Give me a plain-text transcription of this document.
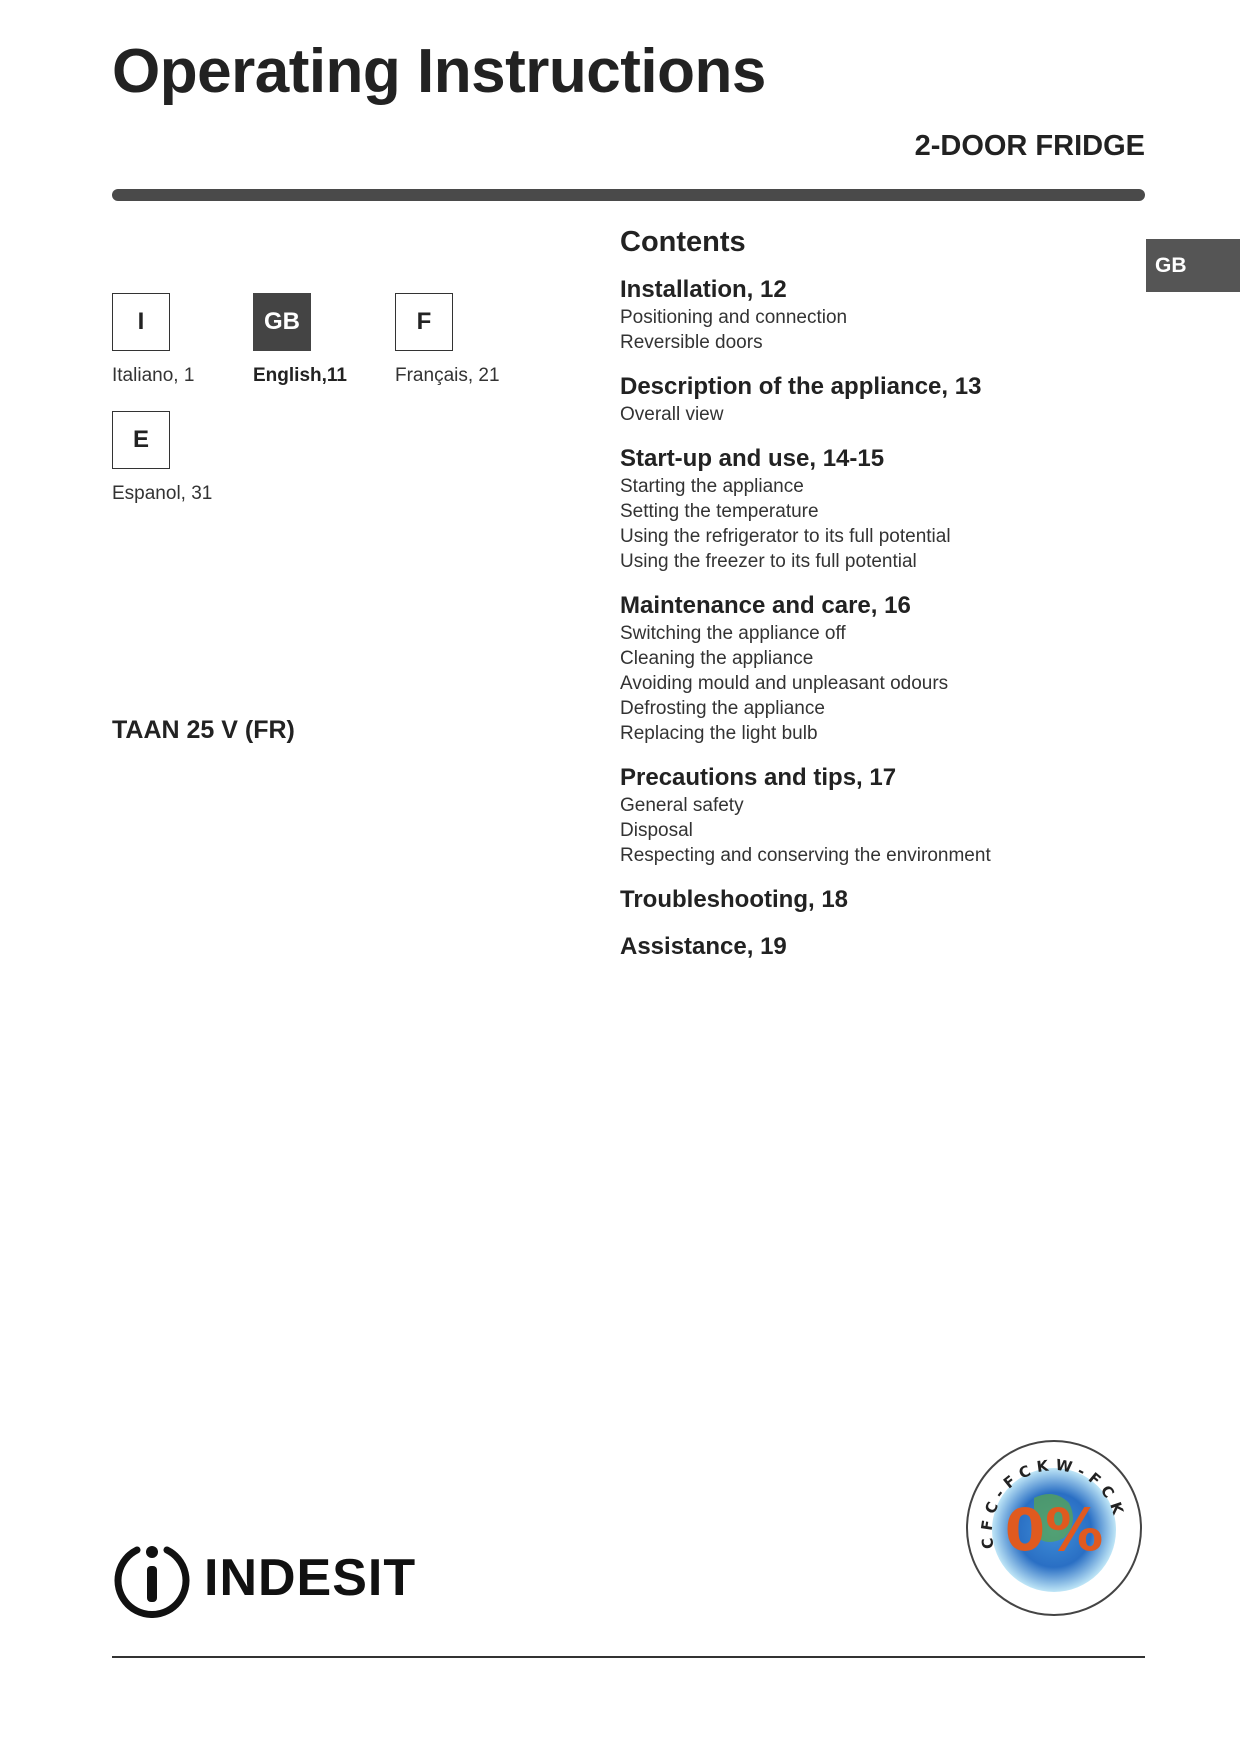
Operating Instructions
2-DOOR FRIDGE
GB
I
Italiano, 1
GB
English,11
F
Français, 21
E
Espanol, 31
TAAN 25 V (FR)
Contents
Installation, 12
Positioning and connection
Reversible doors
Description of the appliance, 13
Overall view
Start-up and use, 14-15
Starting the appliance
Setting the temperature
Using the refrigerator to its full potential
Using the freezer to its full potential
Maintenance and care, 16
Switching the appliance off
Cleaning the appliance
Avoiding mould and unpleasant odours
Defrosting the appliance
Replacing the light bulb
Precautions and tips, 17
General safety
Disposal
Respecting and conserving the environment
Troubleshooting, 18
Assistance, 19
INDESIT
CFC-FCKW-FCK
0%
